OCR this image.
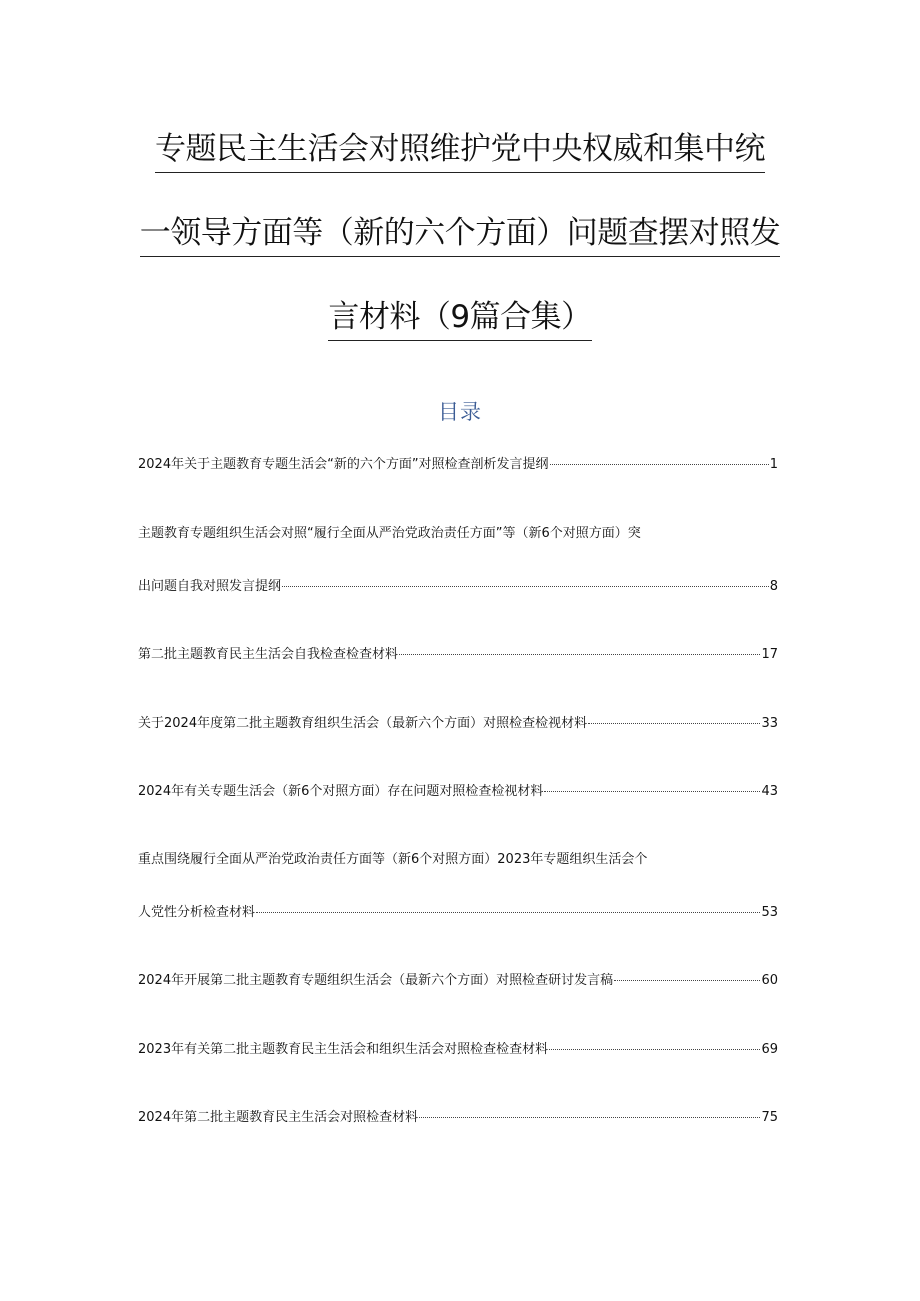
专题民主生活会对照维护党中央权威和集中统
一领导方面等（新的六个方面）问题查摆对照发
言材料（9篇合集）
目录
2024年关于主题教育专题生活会“新的六个方面”对照检查剖析发言提纲	1
主题教育专题组织生活会对照“履行全面从严治党政治责任方面”等（新6个对照方面）突
出问题自我对照发言提纲	8
第二批主题教育民主生活会自我检查检查材料	17
关于2024年度第二批主题教育组织生活会（最新六个方面）对照检查检视材料	33
2024年有关专题生活会（新6个对照方面）存在问题对照检查检视材料	43
重点围绕履行全面从严治党政治责任方面等（新6个对照方面）2023年专题组织生活会个
人党性分析检查材料	53
2024年开展第二批主题教育专题组织生活会（最新六个方面）对照检查研讨发言稿	60
2023年有关第二批主题教育民主生活会和组织生活会对照检查检查材料	69
2024年第二批主题教育民主生活会对照检查材料	75
